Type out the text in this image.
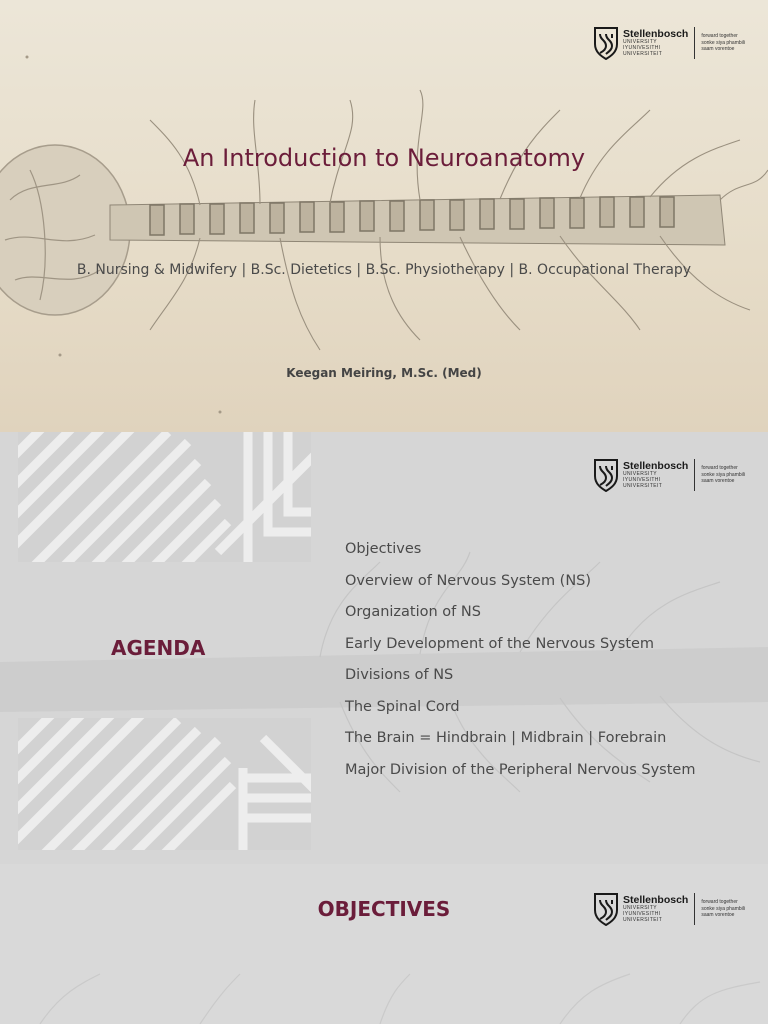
Stellenbosch
UNIVERSITY
IYUNIVESITHI
UNIVERSITEIT
forward together
sonke siya phambili
saam vorentoe
An Introduction to Neuroanatomy
B. Nursing & Midwifery | B.Sc. Dietetics | B.Sc. Physiotherapy | B. Occupational Therapy
Keegan Meiring, M.Sc. (Med)
Stellenbosch
UNIVERSITY
IYUNIVESITHI
UNIVERSITEIT
forward together
sonke siya phambili
saam vorentoe
AGENDA
Objectives
Overview of Nervous System (NS)
Organization of NS
Early Development of the Nervous System
Divisions of NS
The Spinal Cord
The Brain = Hindbrain | Midbrain | Forebrain
Major Division of the Peripheral Nervous System
OBJECTIVES	Stellenbosch
UNIVERSITY
IYUNIVESITHI
UNIVERSITEIT
forward together
sonke siya phambili
saam vorentoe
